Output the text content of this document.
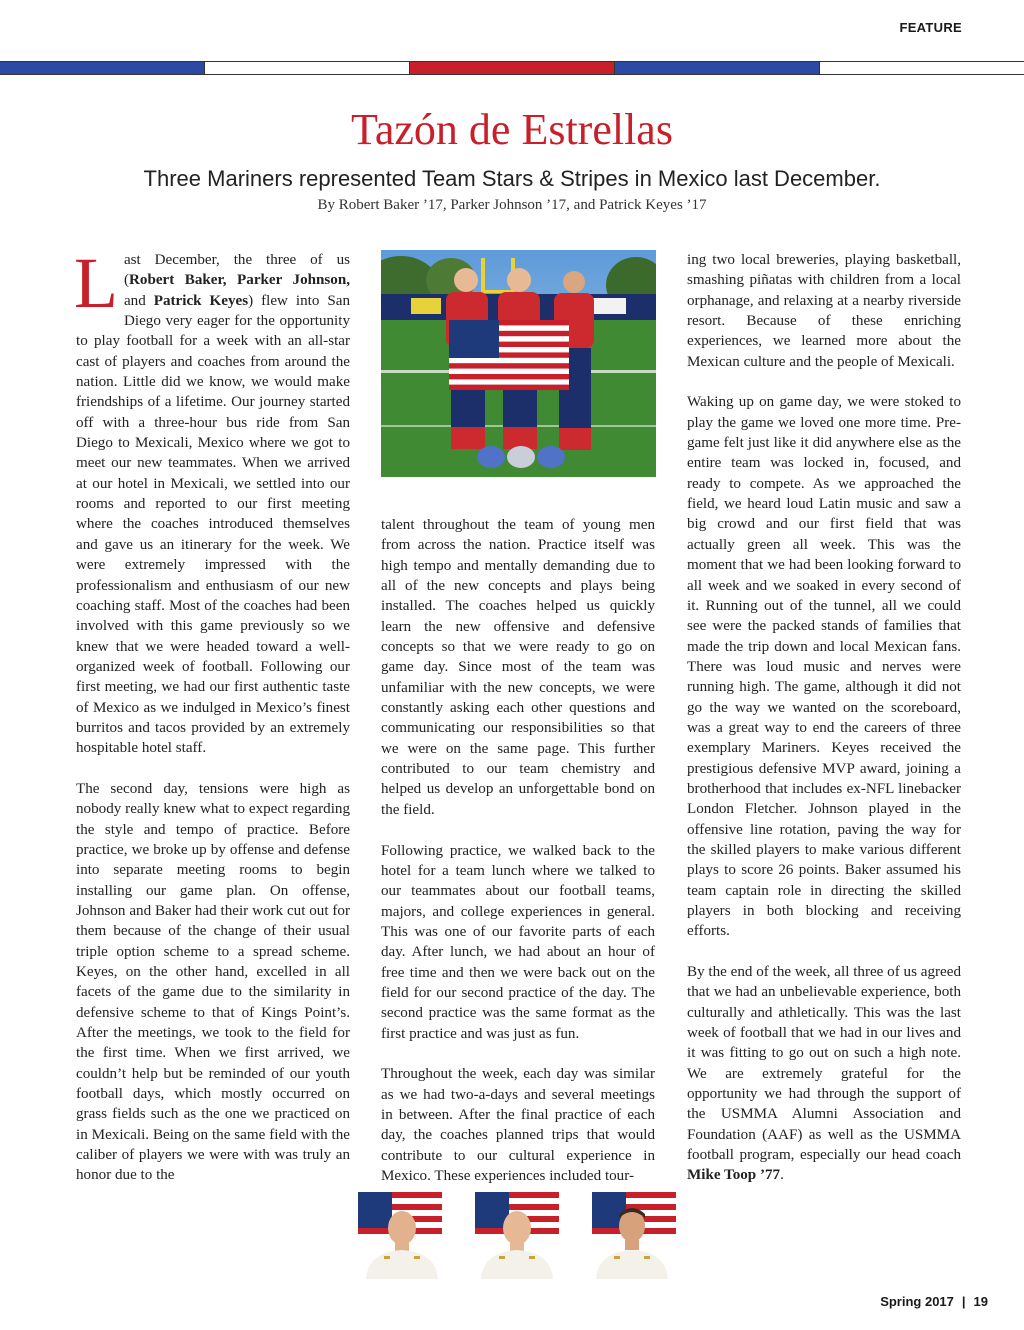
FEATURE
Tazón de Estrellas
Three Mariners represented Team Stars & Stripes in Mexico last December.
By Robert Baker ’17, Parker Johnson ’17, and Patrick Keyes ’17

Last December, the three of us (Robert Baker, Parker Johnson, and Patrick Keyes) flew into San Diego very eager for the opportunity to play football for a week with an all-star cast of players and coaches from around the nation. Little did we know, we would make friendships of a lifetime. Our journey started off with a three-hour bus ride from San Diego to Mexicali, Mexico where we got to meet our new teammates. When we arrived at our hotel in Mexicali, we settled into our rooms and reported to our first meeting where the coaches introduced themselves and gave us an itinerary for the week. We were extremely impressed with the professionalism and enthusiasm of our new coaching staff. Most of the coaches had been involved with this game previously so we knew that we were headed toward a well-organized week of football. Following our first meeting, we had our first authentic taste of Mexico as we indulged in Mexico’s finest burritos and tacos provided by an extremely hospitable hotel staff.

The second day, tensions were high as nobody really knew what to expect regarding the style and tempo of practice. Before practice, we broke up by offense and defense into separate meeting rooms to begin installing our game plan. On offense, Johnson and Baker had their work cut out for them because of the change of their usual triple option scheme to a spread scheme. Keyes, on the other hand, excelled in all facets of the game due to the similarity in defensive scheme to that of Kings Point’s. After the meetings, we took to the field for the first time. When we first arrived, we couldn’t help but be reminded of our youth football days, which mostly occurred on grass fields such as the one we practiced on in Mexicali. Being on the same field with the caliber of players we were with was truly an honor due to the

talent throughout the team of young men from across the nation. Practice itself was high tempo and mentally demanding due to all of the new concepts and plays being installed. The coaches helped us quickly learn the new offensive and defensive concepts so that we were ready to go on game day. Since most of the team was unfamiliar with the new concepts, we were constantly asking each other questions and communicating our responsibilities so that we were on the same page. This further contributed to our team chemistry and helped us develop an unforgettable bond on the field.

Following practice, we walked back to the hotel for a team lunch where we talked to our teammates about our football teams, majors, and college experiences in general. This was one of our favorite parts of each day. After lunch, we had about an hour of free time and then we were back out on the field for our second practice of the day. The second practice was the same format as the first practice and was just as fun.

Throughout the week, each day was similar as we had two-a-days and several meetings in between. After the final practice of each day, the coaches planned trips that would contribute to our cultural experience in Mexico. These experiences included tour-

ing two local breweries, playing basketball, smashing piñatas with children from a local orphanage, and relaxing at a nearby riverside resort. Because of these enriching experiences, we learned more about the Mexican culture and the people of Mexicali.

Waking up on game day, we were stoked to play the game we loved one more time. Pre-game felt just like it did anywhere else as the entire team was locked in, focused, and ready to compete. As we approached the field, we heard loud Latin music and saw a big crowd and our first field that was actually green all week. This was the moment that we had been looking forward to all week and we soaked in every second of it. Running out of the tunnel, all we could see were the packed stands of families that made the trip down and local Mexican fans. There was loud music and nerves were running high. The game, although it did not go the way we wanted on the scoreboard, was a great way to end the careers of three exemplary Mariners. Keyes received the prestigious defensive MVP award, joining a brotherhood that includes ex-NFL linebacker London Fletcher. Johnson played in the offensive line rotation, paving the way for the skilled players to make various different plays to score 26 points. Baker assumed his team captain role in directing the skilled players in both blocking and receiving efforts.

By the end of the week, all three of us agreed that we had an unbelievable experience, both culturally and athletically. This was the last week of football that we had in our lives and it was fitting to go out on such a high note. We are extremely grateful for the opportunity we had through the support of the USMMA Alumni Association and Foundation (AAF) as well as the USMMA football program, especially our head coach Mike Toop ’77.

Spring 2017 | 19
